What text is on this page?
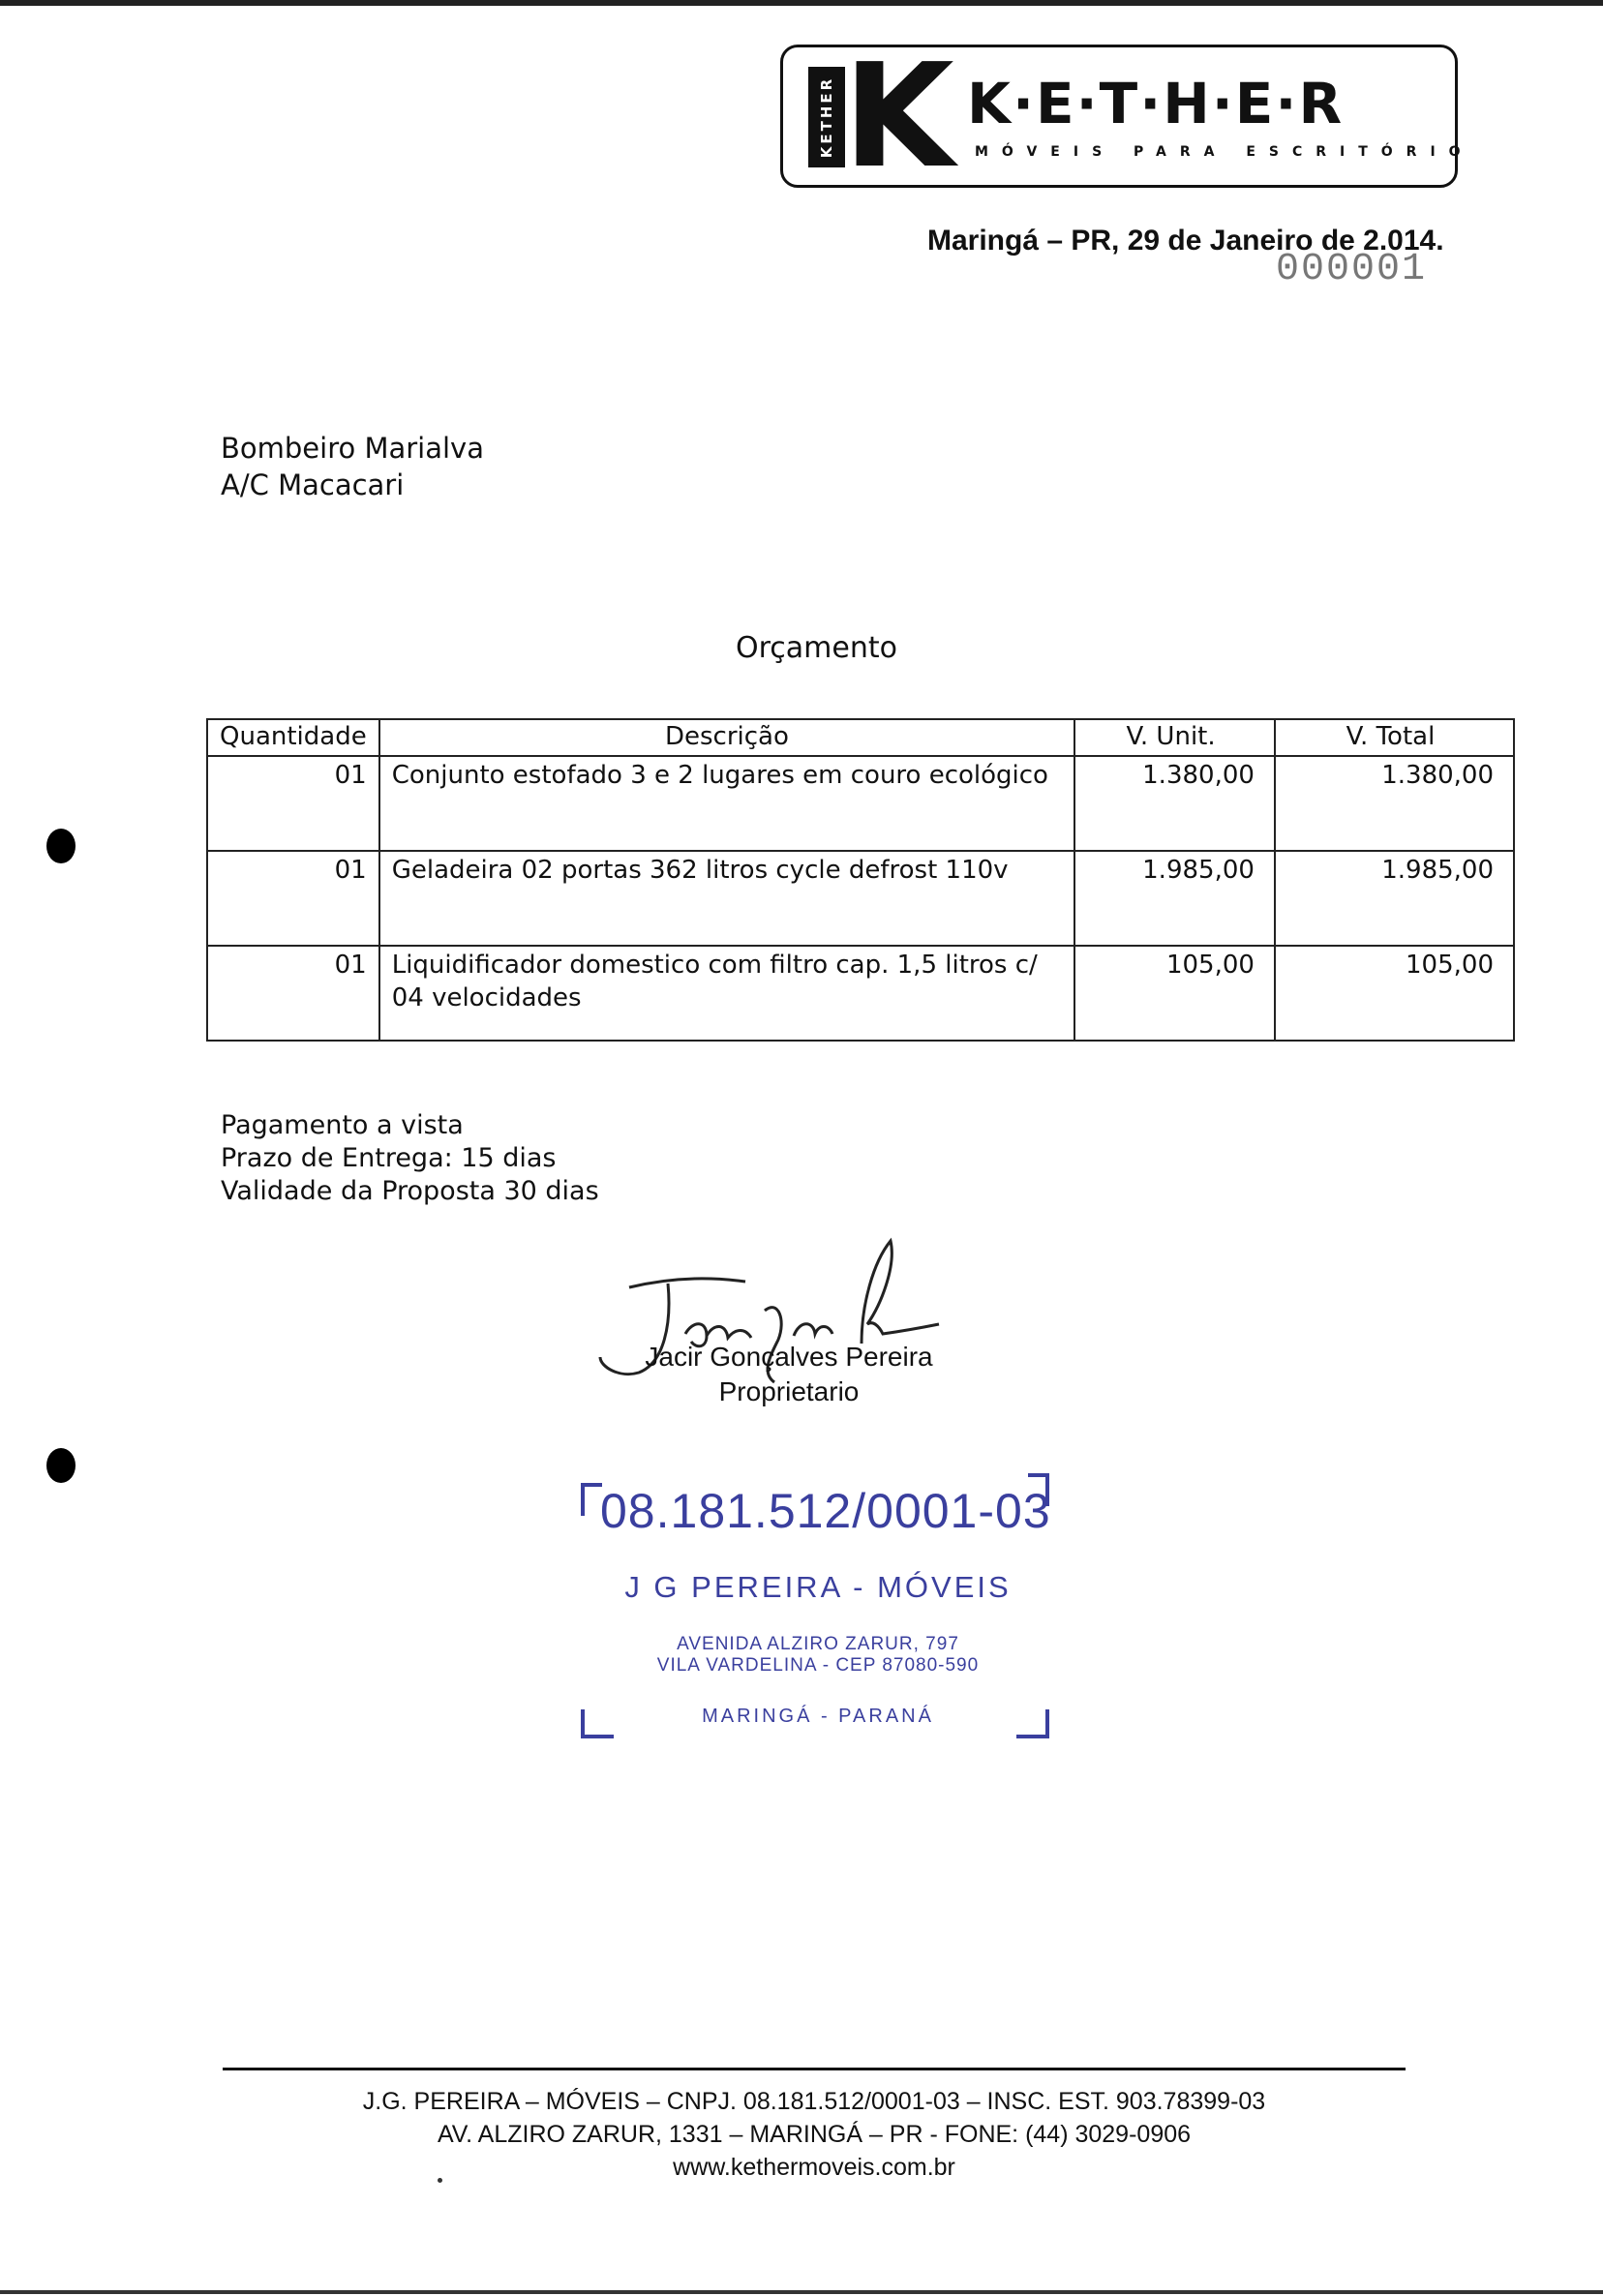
KETHER K K·E·T·H·E·R
MÓVEIS PARA ESCRITÓRIO
Maringá – PR, 29 de Janeiro de 2.014.
000001
Bombeiro Marialva
A/C Macacari
Orçamento
Quantidade	Descrição	V. Unit.	V. Total
01	Conjunto estofado 3 e 2 lugares em couro ecológico	1.380,00	1.380,00
01	Geladeira 02 portas 362 litros cycle defrost 110v	1.985,00	1.985,00
01	Liquidificador domestico com filtro cap. 1,5 litros c/ 04 velocidades	105,00	105,00
Pagamento a vista
Prazo de Entrega: 15 dias
Validade da Proposta 30 dias
Jacir Gonçalves Pereira
Proprietario
08.181.512/0001-03
J G PEREIRA - MÓVEIS
AVENIDA ALZIRO ZARUR, 797
VILA VARDELINA - CEP 87080-590
MARINGÁ - PARANÁ
J.G. PEREIRA – MÓVEIS – CNPJ. 08.181.512/0001-03 – INSC. EST. 903.78399-03
AV. ALZIRO ZARUR, 1331 – MARINGÁ – PR - FONE: (44) 3029-0906
www.kethermoveis.com.br
